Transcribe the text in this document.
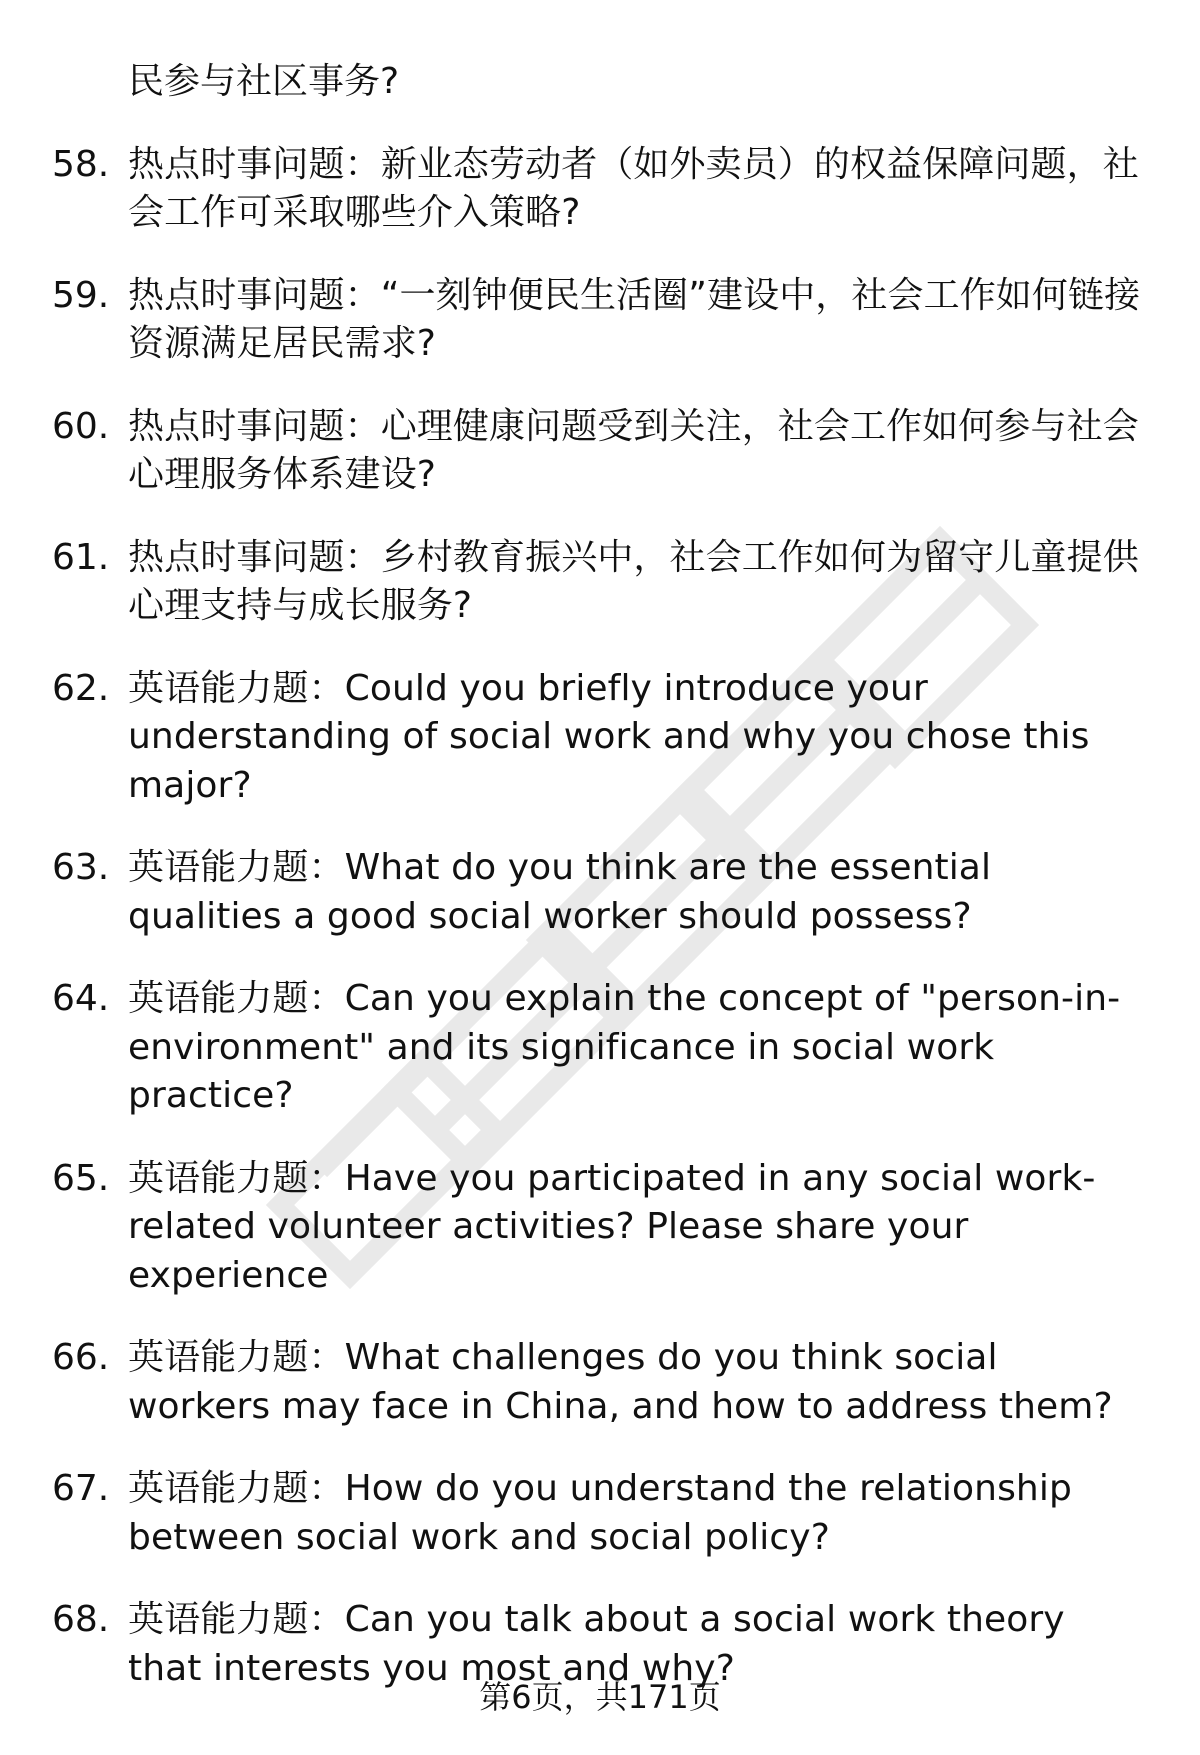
民参与社区事务?
58. 热点时事问题：新业态劳动者（如外卖员）的权益保障问题，社会工作可采取哪些介入策略?
59. 热点时事问题：“一刻钟便民生活圈”建设中，社会工作如何链接资源满足居民需求?
60. 热点时事问题：心理健康问题受到关注，社会工作如何参与社会心理服务体系建设?
61. 热点时事问题：乡村教育振兴中，社会工作如何为留守儿童提供心理支持与成长服务?
62. 英语能力题：Could you briefly introduce your understanding of social work and why you chose this major?
63. 英语能力题：What do you think are the essential qualities a good social worker should possess?
64. 英语能力题：Can you explain the concept of "person-in-environment" and its significance in social work practice?
65. 英语能力题：Have you participated in any social work-related volunteer activities? Please share your experience
66. 英语能力题：What challenges do you think social workers may face in China, and how to address them?
67. 英语能力题：How do you understand the relationship between social work and social policy?
68. 英语能力题：Can you talk about a social work theory that interests you most and why?
第6页，共171页
